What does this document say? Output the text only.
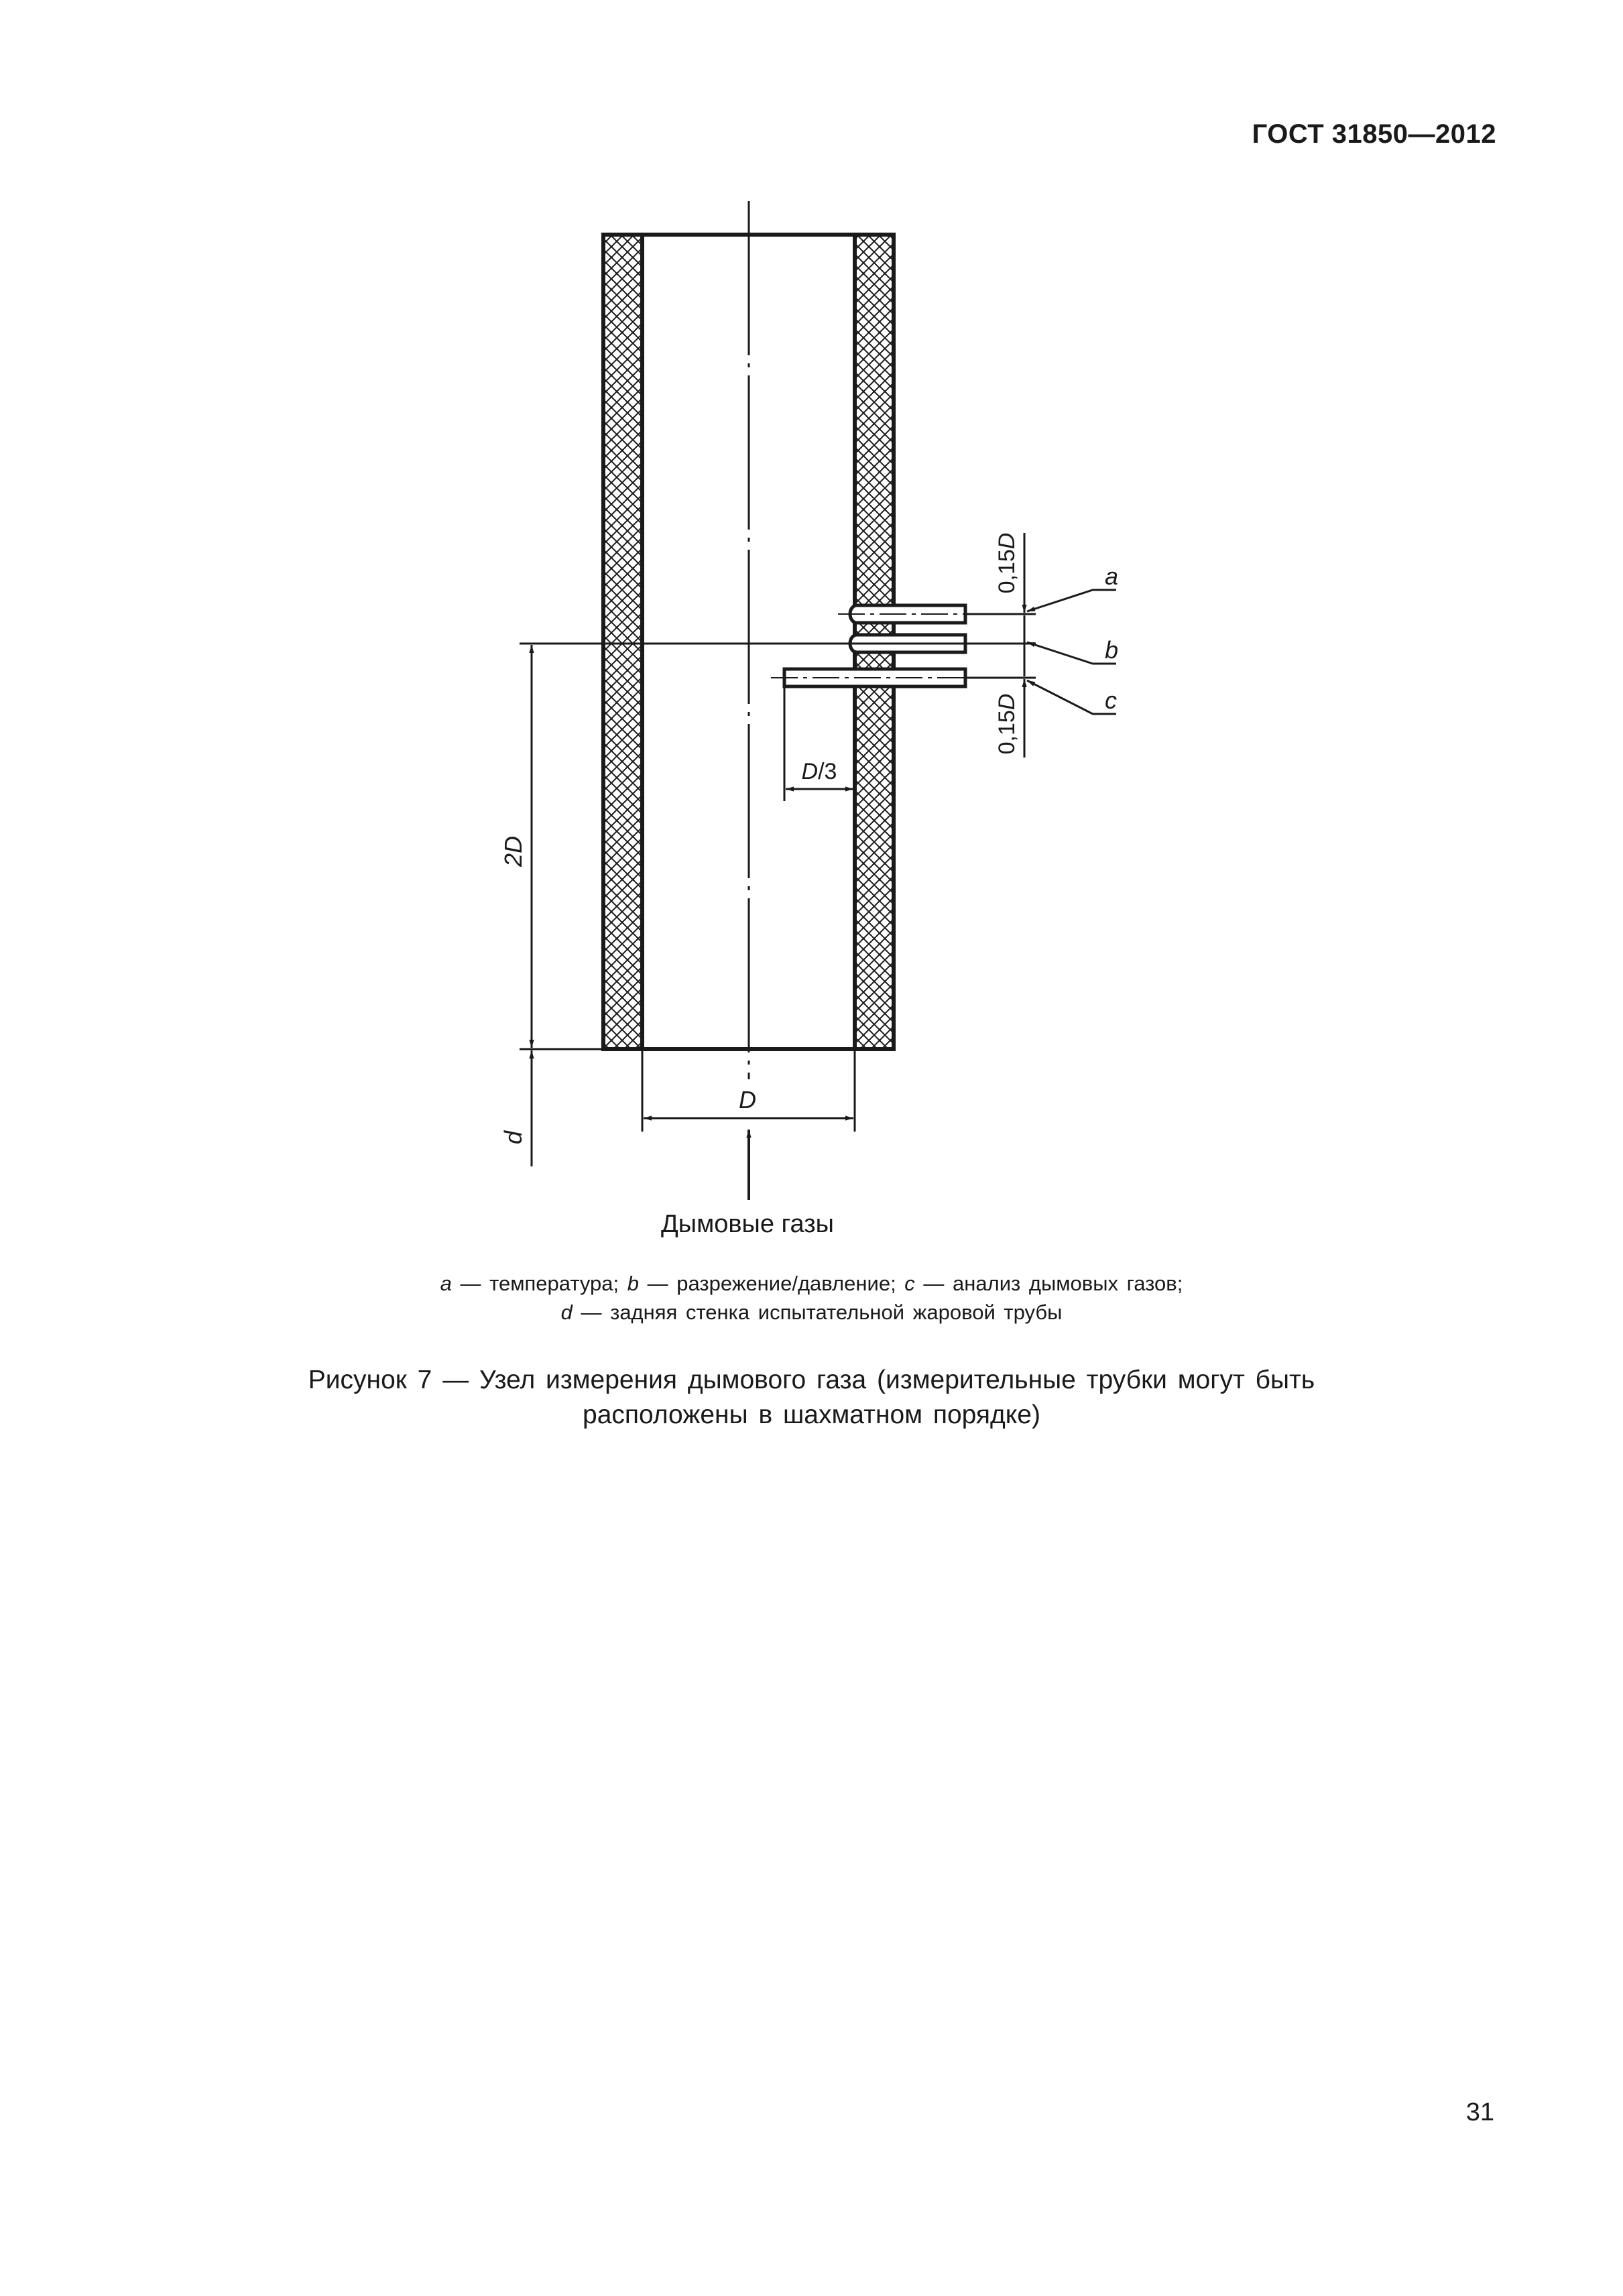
ГОСТ 31850—2012
2D
d
D
D/3
0,15D
0,15D
a
b
c
Дымовые газы
a — температура; b — разрежение/давление; c — анализ дымовых газов;
d — задняя стенка испытательной жаровой трубы
Рисунок 7 — Узел измерения дымового газа (измерительные трубки могут быть
расположены в шахматном порядке)
31
